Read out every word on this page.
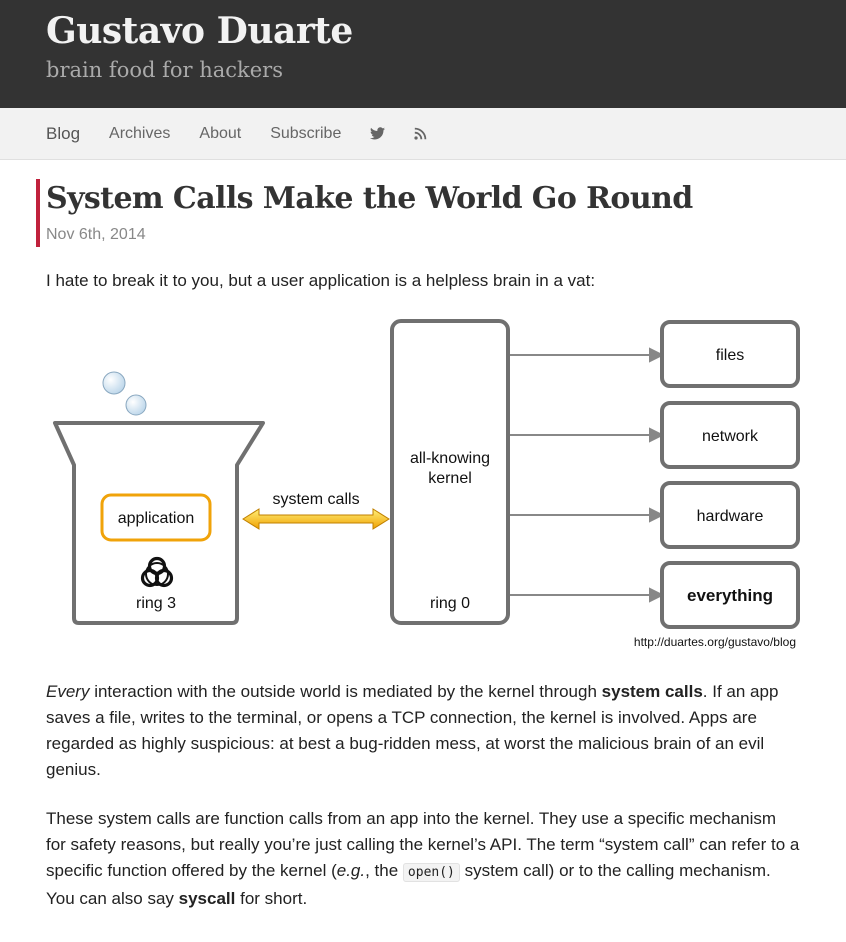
Gustavo Duarte
brain food for hackers
Blog Archives About Subscribe
System Calls Make the World Go Round
Nov 6th, 2014
I hate to break it to you, but a user application is a helpless brain in a vat:
application
ring 3
system calls
all-knowing
kernel
ring 0
files
network
hardware
everything
http://duartes.org/gustavo/blog

Every interaction with the outside world is mediated by the kernel through system calls. If an app saves a file, writes to the terminal, or opens a TCP connection, the kernel is involved. Apps are regarded as highly suspicious: at best a bug-ridden mess, at worst the malicious brain of an evil genius.

These system calls are function calls from an app into the kernel. They use a specific mechanism for safety reasons, but really you’re just calling the kernel’s API. The term “system call” can refer to a specific function offered by the kernel (e.g., the open() system call) or to the calling mechanism. You can also say syscall for short.
